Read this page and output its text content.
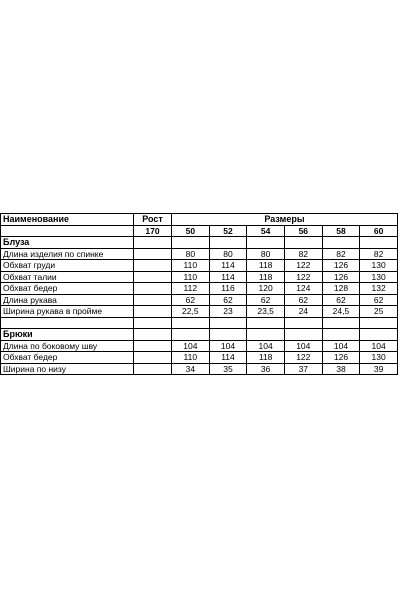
Наименование	Рост	Размеры					
	170	50	52	54	56	58	60
Блуза							
Длина изделия по спинке		80	80	80	82	82	82
Обхват груди		110	114	118	122	126	130
Обхват талии		110	114	118	122	126	130
Обхват бедер		112	116	120	124	128	132
Длина рукава		62	62	62	62	62	62
Ширина рукава в пройме		22,5	23	23,5	24	24,5	25

Брюки							
Длина по боковому шву		104	104	104	104	104	104
Обхват бедер		110	114	118	122	126	130
Ширина по низу		34	35	36	37	38	39
